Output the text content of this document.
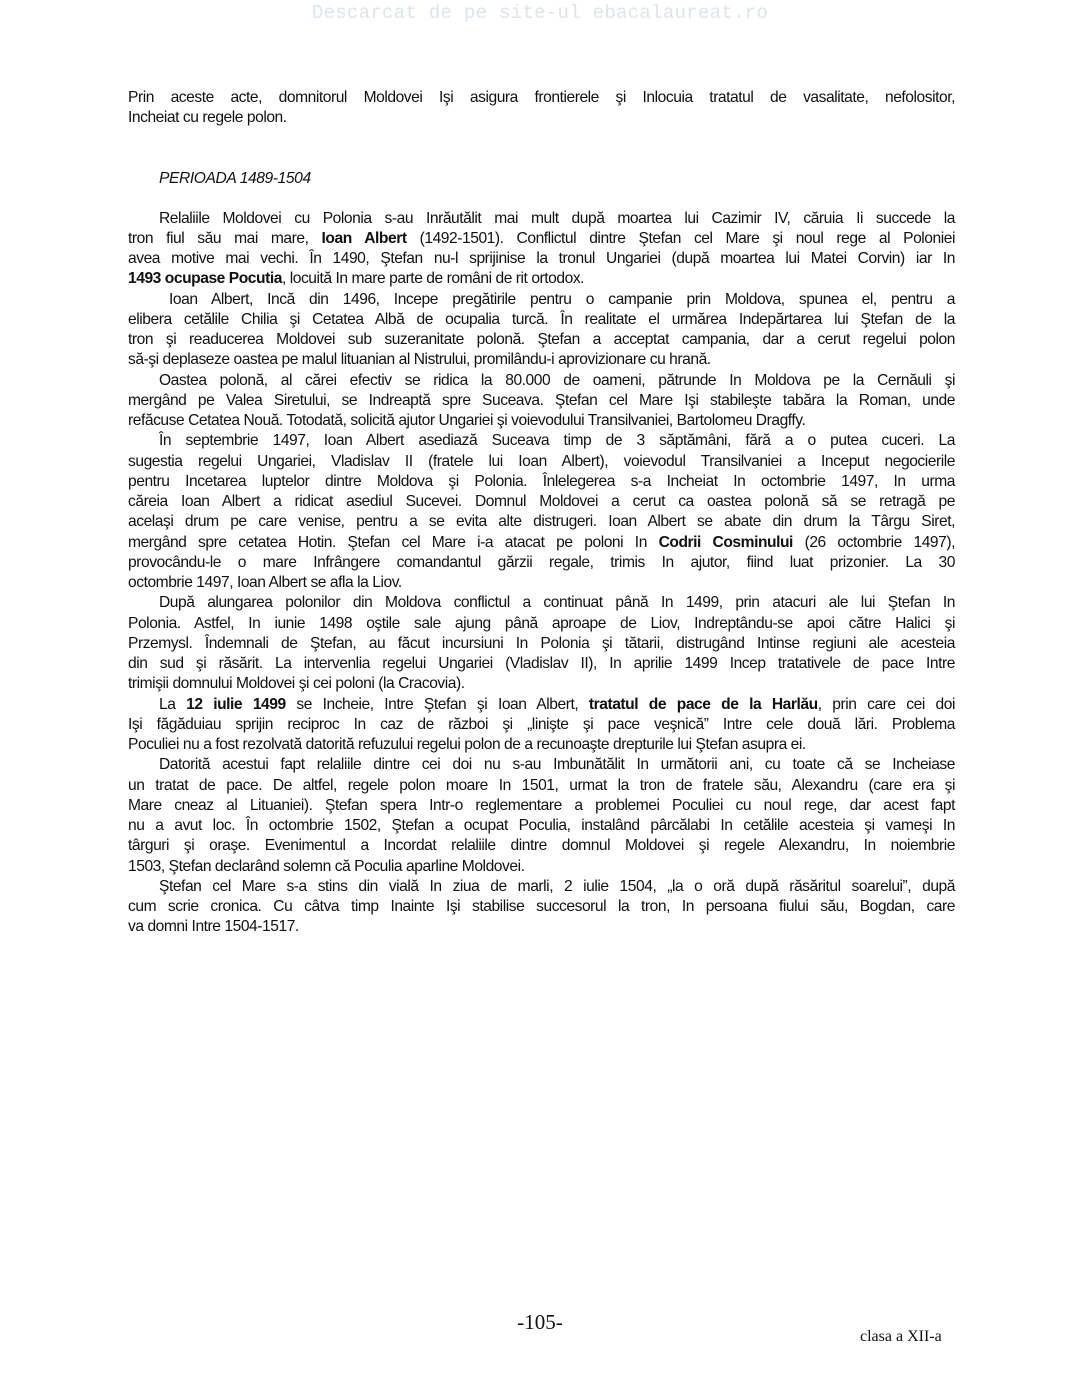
Descarcat de pe site-ul ebacalaureat.ro
Prin aceste acte, domnitorul Moldovei Işi asigura frontierele şi Inlocuia tratatul de vasalitate, nefolositor,
Incheiat cu regele polon.
PERIOADA 1489-1504
Relaliile Moldovei cu Polonia s-au Inrăutălit mai mult după moartea lui Cazimir IV, căruia Ii succede la
tron fiul său mai mare, Ioan Albert (1492-1501). Conflictul dintre Ştefan cel Mare şi noul rege al Poloniei
avea motive mai vechi. În 1490, Ştefan nu-l sprijinise la tronul Ungariei (după moartea lui Matei Corvin) iar In
1493 ocupase Pocutia, locuită In mare parte de români de rit ortodox.
Ioan Albert, Incă din 1496, Incepe pregătirile pentru o campanie prin Moldova, spunea el, pentru a
elibera cetălile Chilia şi Cetatea Albă de ocupalia turcă. În realitate el urmărea Indepărtarea lui Ştefan de la
tron şi readucerea Moldovei sub suzeranitate polonă. Ştefan a acceptat campania, dar a cerut regelui polon
să-şi deplaseze oastea pe malul lituanian al Nistrului, promilându-i aprovizionare cu hrană.
Oastea polonă, al cărei efectiv se ridica la 80.000 de oameni, pătrunde In Moldova pe la Cernăuli şi
mergând pe Valea Siretului, se Indreaptă spre Suceava. Ştefan cel Mare Işi stabileşte tabăra la Roman, unde
refăcuse Cetatea Nouă. Totodată, solicită ajutor Ungariei şi voievodului Transilvaniei, Bartolomeu Dragffy.
În septembrie 1497, Ioan Albert asediază Suceava timp de 3 săptămâni, fără a o putea cuceri. La
sugestia regelui Ungariei, Vladislav II (fratele lui Ioan Albert), voievodul Transilvaniei a Inceput negocierile
pentru Incetarea luptelor dintre Moldova şi Polonia. Înlelegerea s-a Incheiat In octombrie 1497, In urma
căreia Ioan Albert a ridicat asediul Sucevei. Domnul Moldovei a cerut ca oastea polonă să se retragă pe
acelaşi drum pe care venise, pentru a se evita alte distrugeri. Ioan Albert se abate din drum la Târgu Siret,
mergând spre cetatea Hotin. Ştefan cel Mare i-a atacat pe poloni In Codrii Cosminului (26 octombrie 1497),
provocându-le o mare Infrângere comandantul gărzii regale, trimis In ajutor, fiind luat prizonier. La 30
octombrie 1497, Ioan Albert se afla la Liov.
După alungarea polonilor din Moldova conflictul a continuat până In 1499, prin atacuri ale lui Ştefan In
Polonia. Astfel, In iunie 1498 oştile sale ajung până aproape de Liov, Indreptându-se apoi către Halici şi
Przemysl. Îndemnali de Ştefan, au făcut incursiuni In Polonia şi tătarii, distrugând Intinse regiuni ale acesteia
din sud şi răsărit. La intervenlia regelui Ungariei (Vladislav II), In aprilie 1499 Incep tratativele de pace Intre
trimişii domnului Moldovei şi cei poloni (la Cracovia).
La 12 iulie 1499 se Incheie, Intre Ştefan şi Ioan Albert, tratatul de pace de la Harlău, prin care cei doi
Işi făgăduiau sprijin reciproc In caz de război şi „linişte şi pace veşnică” Intre cele două lări. Problema
Poculiei nu a fost rezolvată datorită refuzului regelui polon de a recunoaşte drepturile lui Ştefan asupra ei.
Datorită acestui fapt relaliile dintre cei doi nu s-au Imbunătălit In următorii ani, cu toate că se Incheiase
un tratat de pace. De altfel, regele polon moare In 1501, urmat la tron de fratele său, Alexandru (care era şi
Mare cneaz al Lituaniei). Ştefan spera Intr-o reglementare a problemei Poculiei cu noul rege, dar acest fapt
nu a avut loc. În octombrie 1502, Ştefan a ocupat Poculia, instalând pârcălabi In cetălile acesteia şi vameşi In
târguri şi oraşe. Evenimentul a Incordat relaliile dintre domnul Moldovei şi regele Alexandru, In noiembrie
1503, Ştefan declarând solemn că Poculia aparline Moldovei.
Ştefan cel Mare s-a stins din vială In ziua de marli, 2 iulie 1504, „la o oră după răsăritul soarelui”, după
cum scrie cronica. Cu câtva timp Inainte Işi stabilise succesorul la tron, In persoana fiului său, Bogdan, care
va domni Intre 1504-1517.
-105-
clasa a XII-a
